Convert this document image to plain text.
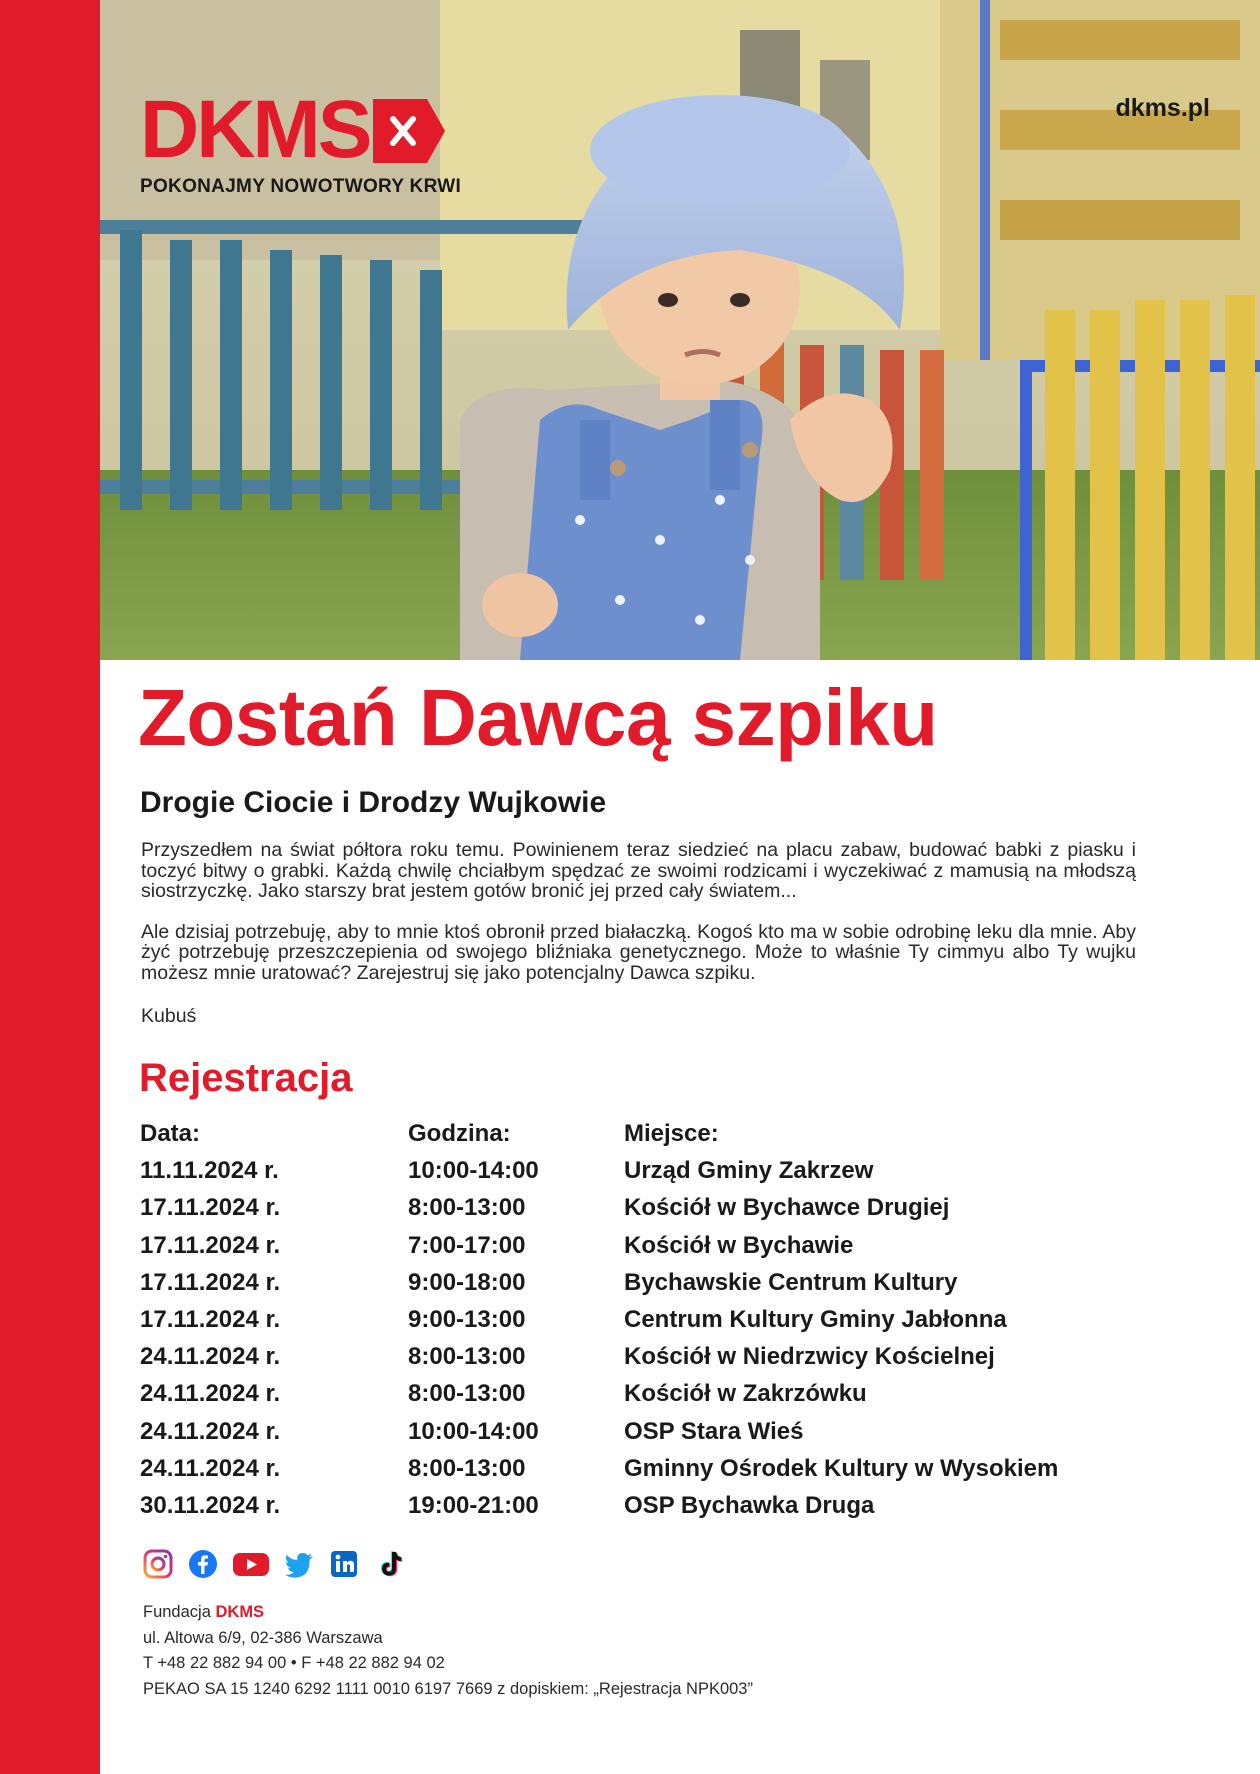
DKMS
POKONAJMY NOWOTWORY KRWI
dkms.pl
Zostań Dawcą szpiku
Drogie Ciocie i Drodzy Wujkowie

Przyszedłem na świat półtora roku temu. Powinienem teraz siedzieć na placu zabaw, budować babki z piasku i toczyć bitwy o grabki. Każdą chwilę chciałbym spędzać ze swoimi rodzicami i wyczekiwać z mamusią na młodszą siostrzyczkę. Jako starszy brat jestem gotów bronić jej przed cały światem...

Ale dzisiaj potrzebuję, aby to mnie ktoś obronił przed białaczką. Kogoś kto ma w sobie odrobinę leku dla mnie. Aby żyć potrzebuję przeszczepienia od swojego bliźniaka genetycznego. Może to właśnie Ty cimmyu albo Ty wujku możesz mnie uratować? Zarejestruj się jako potencjalny Dawca szpiku.

Kubuś
Rejestracja
Data:	Godzina:	Miejsce:
11.11.2024 r.	10:00-14:00	Urząd Gminy Zakrzew
17.11.2024 r.	8:00-13:00	Kościół w Bychawce Drugiej
17.11.2024 r.	7:00-17:00	Kościół w Bychawie
17.11.2024 r.	9:00-18:00	Bychawskie Centrum Kultury
17.11.2024 r.	9:00-13:00	Centrum Kultury Gminy Jabłonna
24.11.2024 r.	8:00-13:00	Kościół w Niedrzwicy Kościelnej
24.11.2024 r.	8:00-13:00	Kościół w Zakrzówku
24.11.2024 r.	10:00-14:00	OSP Stara Wieś
24.11.2024 r.	8:00-13:00	Gminny Ośrodek Kultury w Wysokiem
30.11.2024 r.	19:00-21:00	OSP Bychawka Druga
Fundacja DKMS
ul. Altowa 6/9, 02-386 Warszawa
T +48 22 882 94 00 • F +48 22 882 94 02
PEKAO SA 15 1240 6292 1111 0010 6197 7669 z dopiskiem: „Rejestracja NPK003”
